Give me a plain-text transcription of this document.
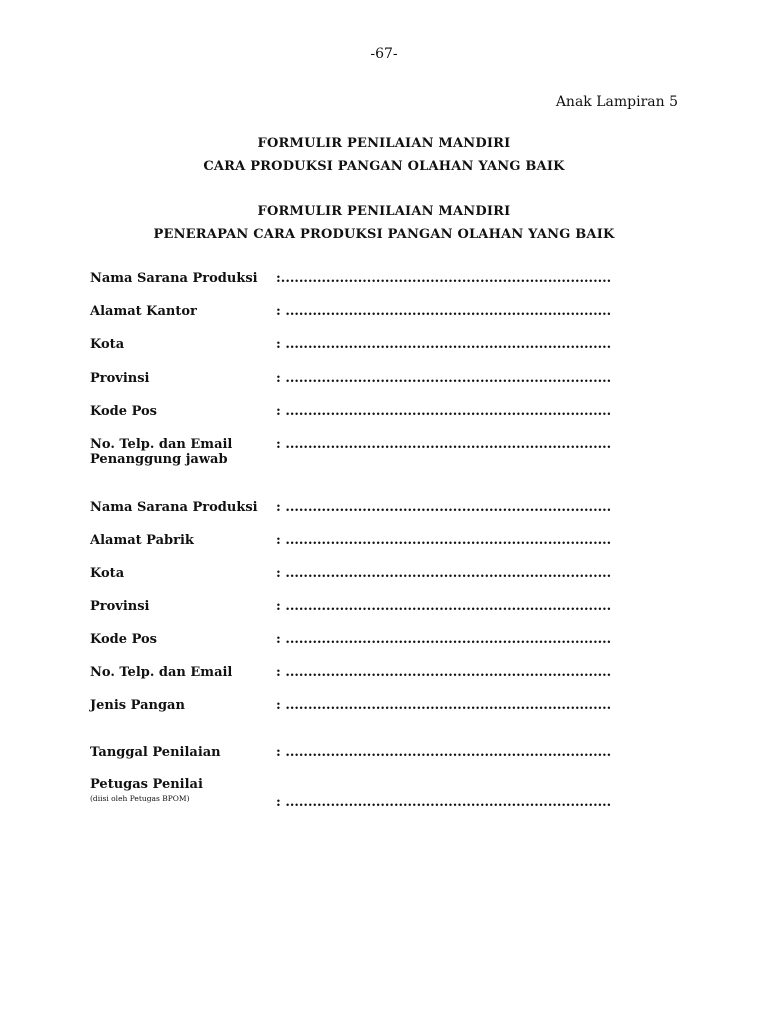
-67-
Anak Lampiran 5
FORMULIR PENILAIAN MANDIRI
CARA PRODUKSI PANGAN OLAHAN YANG BAIK
FORMULIR PENILAIAN MANDIRI
PENERAPAN CARA PRODUKSI PANGAN OLAHAN YANG BAIK
Nama Sarana Produksi	:.........................................................................
Alamat Kantor	: ........................................................................
Kota	: ........................................................................
Provinsi	: ........................................................................
Kode Pos	: ........................................................................
No. Telp. dan Email
Penanggung jawab
: ........................................................................
Nama Sarana Produksi	: ........................................................................
Alamat Pabrik	: ........................................................................
Kota	: ........................................................................
Provinsi	: ........................................................................
Kode Pos	: ........................................................................
No. Telp. dan Email	: ........................................................................
Jenis Pangan	: ........................................................................
Tanggal Penilaian	: ........................................................................
Petugas Penilai
(diisi oleh Petugas BPOM)	: ........................................................................
